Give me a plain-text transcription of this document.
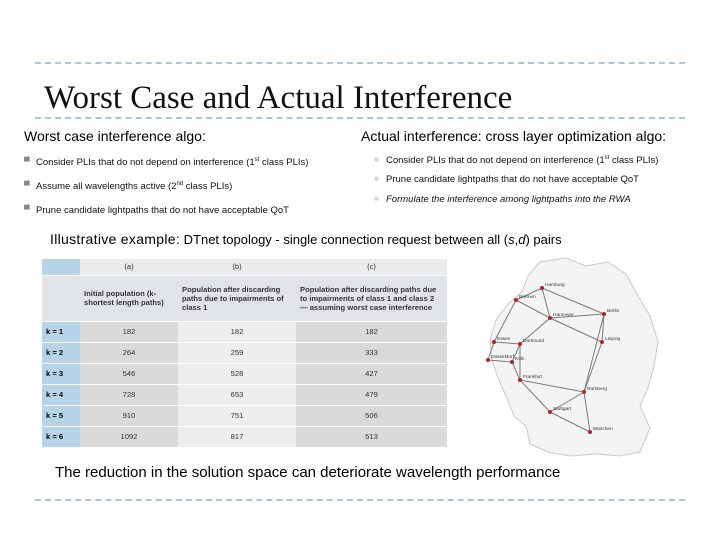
Worst Case and Actual Interference
Worst case interference algo:	Actual interference: cross layer optimization algo:
▀ Consider PLIs that do not depend on interference (1st class PLIs)
▀ Assume all wavelengths active (2nd class PLIs)
▀ Prune candidate lightpaths that do not have acceptable QoT
■ Consider PLIs that do not depend on interference (1st class PLIs)
■ Prune candidate lightpaths that do not have acceptable QoT
■ Formulate the interference among lightpaths into the RWA
Illustrative example: DTnet topology - single connection request between all (s,d) pairs
	(a)	(b)	(c)
	Initial population (k-shortest length paths)	Population after discarding paths due to impairments of class 1	Population after discarding paths due to impairments of class 1 and class 2 — assuming worst case interference
k = 1	182	182	182
k = 2	264	259	333
k = 3	546	528	427
k = 4	728	653	479
k = 5	910	751	506
k = 6	1092	817	513
Hamburg
Bremen
Hannover
Berlin
Essen
Düsseldorf
Dortmund
Köln
Leipzig
Frankfurt
Nürnberg
Stuttgart
München
The reduction in the solution space can deteriorate wavelength performance
